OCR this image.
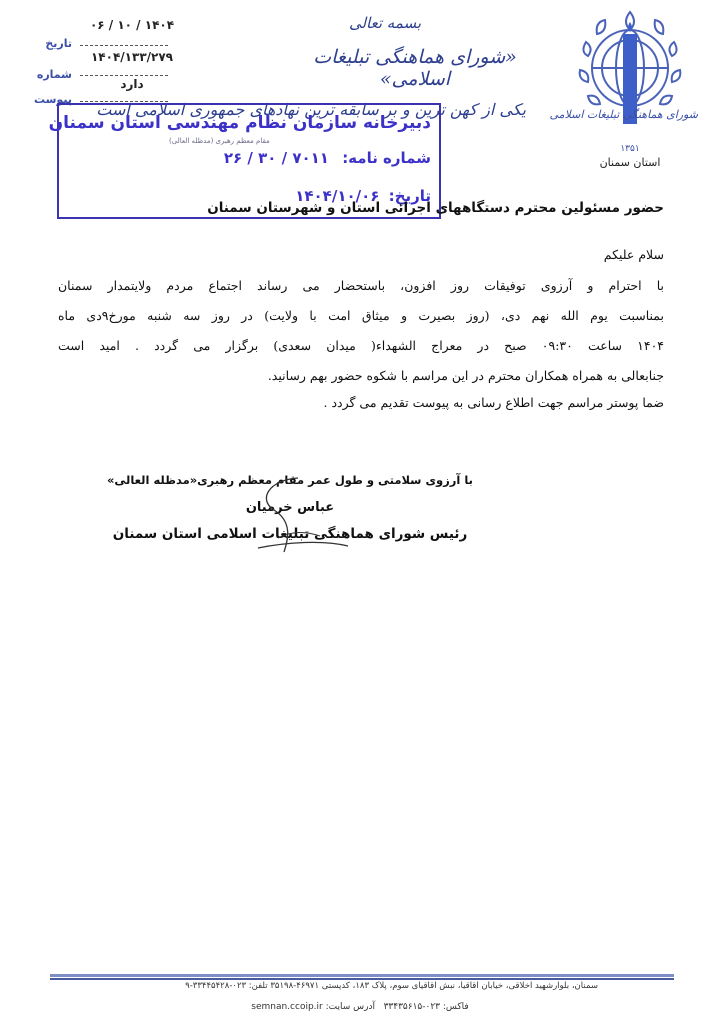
۱۴۰۴ / ۱۰ / ۰۶
تاریخ
۱۴۰۴/۱۳۳/۲۷۹
شماره
دارد
پیوست
بسمه تعالی
«شورای هماهنگی تبلیغات اسلامی»
یکی از کهن ترین و بر سابقه ترین نهادهای جمهوری اسلامی است شورای هماهنگی تبلیغات اسلامی
۱۳۵۱
استان سمنان
دبیرخانه سازمان نظام مهندسی استان سمنان
مقام معظم رهبری (مدظله العالی)
شماره نامه: ۷۰۱۱ / ۳۰ / ۲۶
تاریخ: ۱۴۰۴/۱۰/۰۶
حضور مسئولین محترم دستگاههای اجرائی استان و شهرستان سمنان
سلام علیکم
با احترام و آرزوی توفیقات روز افزون، باستحضار می رساند اجتماع مردم ولایتمدار سمنان
بمناسبت یوم الله نهم دی، (روز بصیرت و میثاق امت با ولایت) در روز سه شنبه مورخ۹دی ماه
۱۴۰۴ ساعت ۰۹:۳۰ صبح در معراج الشهداء( میدان سعدی) برگزار می گردد . امید است
جنابعالی به همراه همکاران محترم در این مراسم با شکوه حضور بهم رسانید.
ضما پوستر مراسم جهت اطلاع رسانی به پیوست تقدیم می گردد .
با آرزوی سلامتی و طول عمر مقام معظم رهبری«مدظله العالی»
عباس خرمیان
رئیس شورای هماهنگی تبلیغات اسلامی استان سمنان
سمنان، بلوارشهید اخلاقی، خیابان اقاقیا، نبش اقاقیای سوم، پلاک ۱۸۳، کدپستی ۴۶۹۷۱-۳۵۱۹۸ تلفن: ۰۲۳-۳۳۴۴۵۴۲۸-۹
فاکس: ۰۲۳-۳۳۴۳۵۶۱۵   آدرس سایت: semnan.ccoip.ir
